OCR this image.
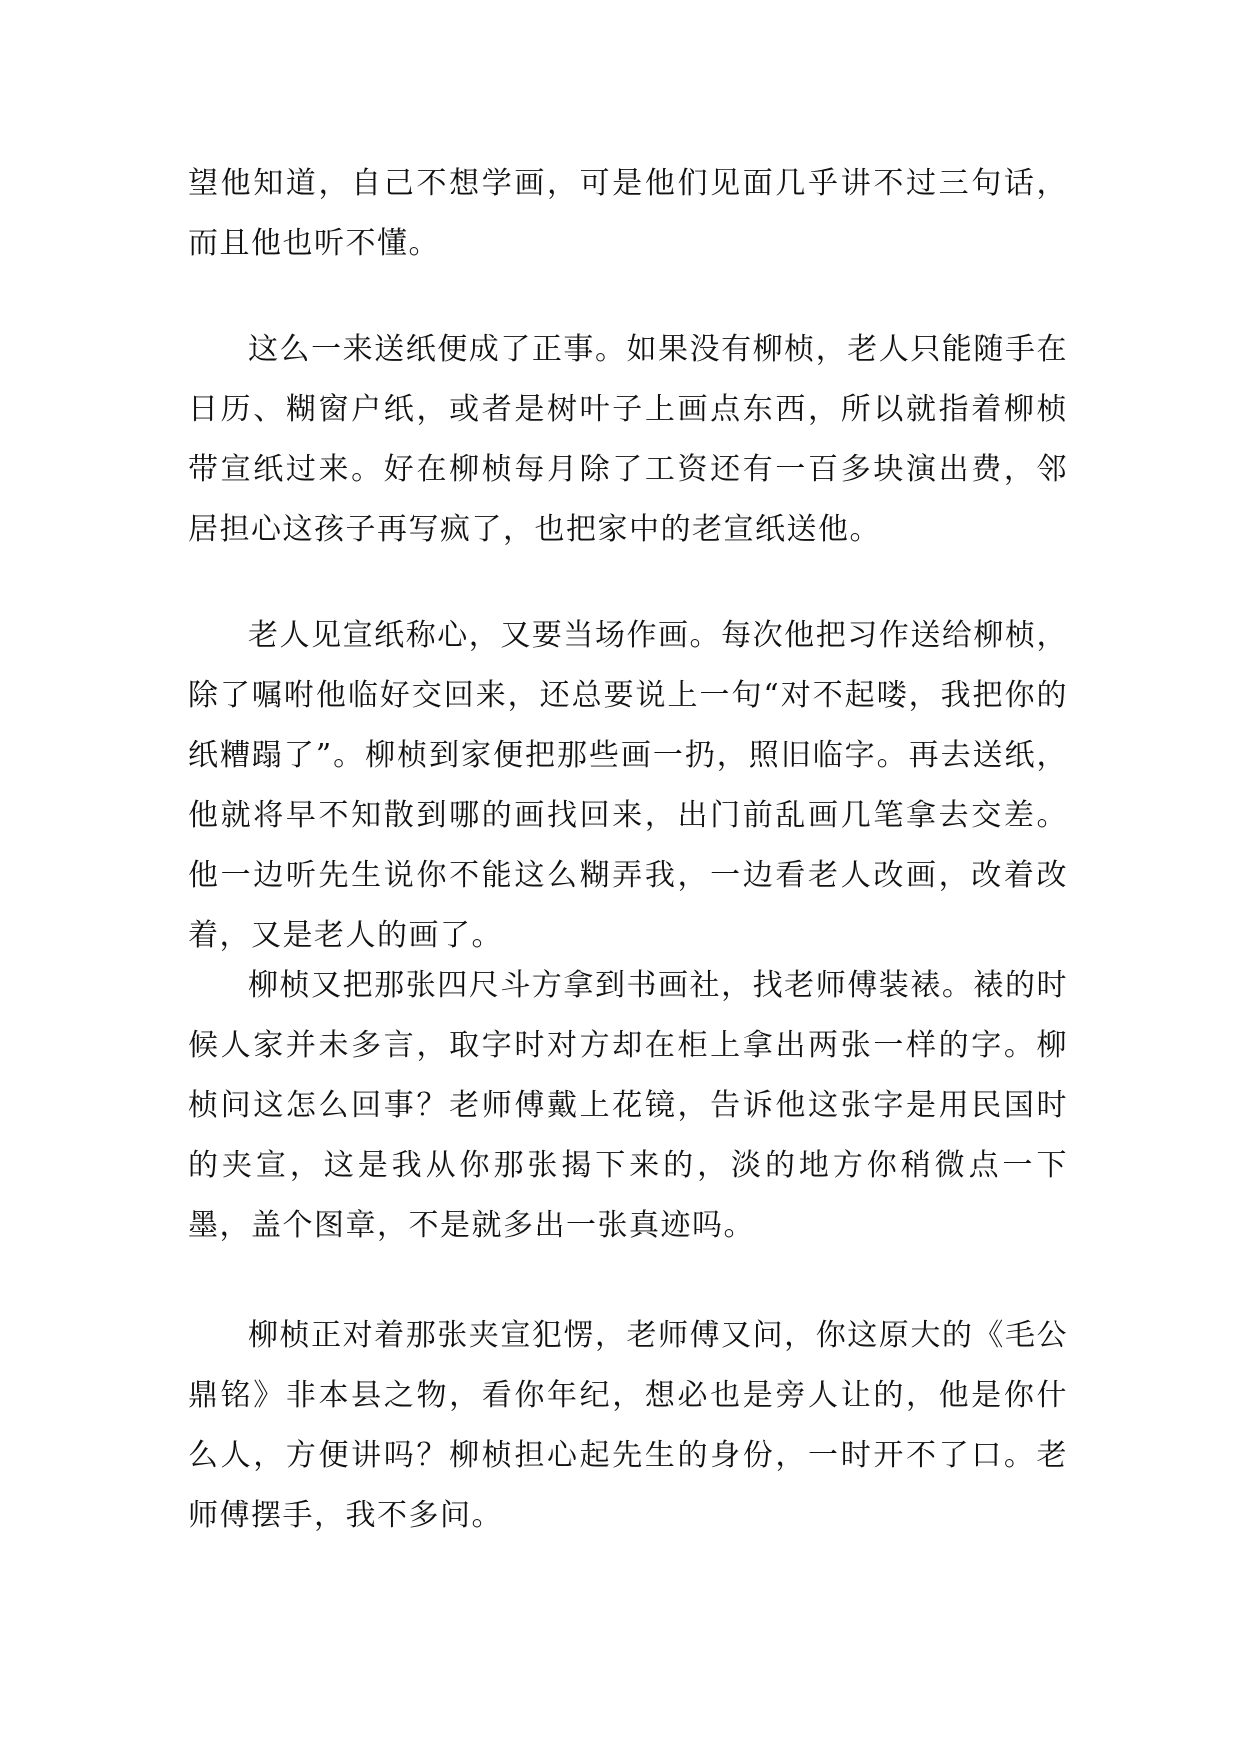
望他知道，自己不想学画，可是他们见面几乎讲不过三句话，而且他也听不懂。

这么一来送纸便成了正事。如果没有柳桢，老人只能随手在日历、糊窗户纸，或者是树叶子上画点东西，所以就指着柳桢带宣纸过来。好在柳桢每月除了工资还有一百多块演出费，邻居担心这孩子再写疯了，也把家中的老宣纸送他。

老人见宣纸称心，又要当场作画。每次他把习作送给柳桢，除了嘱咐他临好交回来，还总要说上一句“对不起喽，我把你的纸糟蹋了”。柳桢到家便把那些画一扔，照旧临字。再去送纸，他就将早不知散到哪的画找回来，出门前乱画几笔拿去交差。他一边听先生说你不能这么糊弄我，一边看老人改画，改着改着，又是老人的画了。

柳桢又把那张四尺斗方拿到书画社，找老师傅装裱。裱的时候人家并未多言，取字时对方却在柜上拿出两张一样的字。柳桢问这怎么回事？老师傅戴上花镜，告诉他这张字是用民国时的夹宣，这是我从你那张揭下来的，淡的地方你稍微点一下墨，盖个图章，不是就多出一张真迹吗。

柳桢正对着那张夹宣犯愣，老师傅又问，你这原大的《毛公鼎铭》非本县之物，看你年纪，想必也是旁人让的，他是你什么人，方便讲吗？柳桢担心起先生的身份，一时开不了口。老师傅摆手，我不多问。
